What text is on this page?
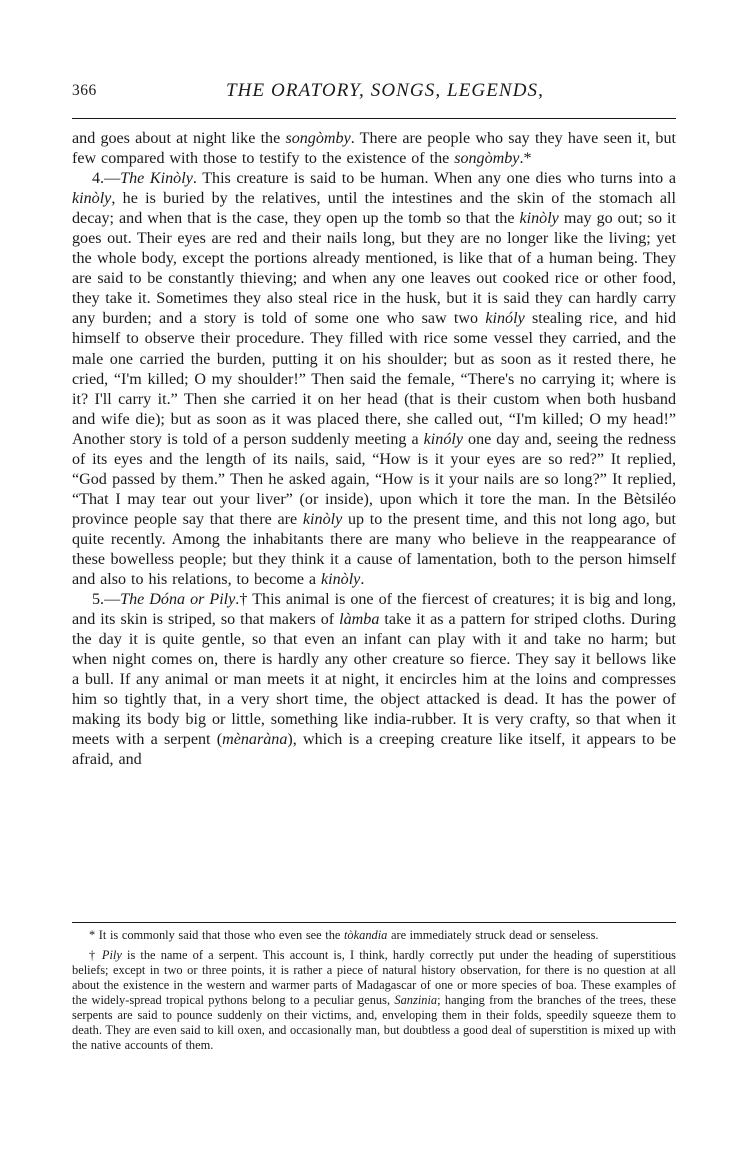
366	THE ORATORY, SONGS, LEGENDS,

and goes about at night like the songòmby. There are people who say they have seen it, but few compared with those to testify to the existence of the songòmby.*

4.—The Kinòly. This creature is said to be human. When any one dies who turns into a kinòly, he is buried by the relatives, until the intestines and the skin of the stomach all decay; and when that is the case, they open up the tomb so that the kinòly may go out; so it goes out. Their eyes are red and their nails long, but they are no longer like the living; yet the whole body, except the portions already mentioned, is like that of a human being. They are said to be constantly thieving; and when any one leaves out cooked rice or other food, they take it. Sometimes they also steal rice in the husk, but it is said they can hardly carry any burden; and a story is told of some one who saw two kinóly stealing rice, and hid himself to observe their procedure. They filled with rice some vessel they carried, and the male one carried the burden, putting it on his shoulder; but as soon as it rested there, he cried, “I'm killed; O my shoulder!” Then said the female, “There's no carrying it; where is it? I'll carry it.” Then she carried it on her head (that is their custom when both husband and wife die); but as soon as it was placed there, she called out, “I'm killed; O my head!” Another story is told of a person suddenly meeting a kinóly one day and, seeing the redness of its eyes and the length of its nails, said, “How is it your eyes are so red?” It replied, “God passed by them.” Then he asked again, “How is it your nails are so long?” It replied, “That I may tear out your liver” (or inside), upon which it tore the man. In the Bètsiléo province people say that there are kinòly up to the present time, and this not long ago, but quite recently. Among the inhabitants there are many who believe in the reappearance of these bowelless people; but they think it a cause of lamentation, both to the person himself and also to his relations, to become a kinòly.

5.—The Dóna or Pily.† This animal is one of the fiercest of creatures; it is big and long, and its skin is striped, so that makers of làmba take it as a pattern for striped cloths. During the day it is quite gentle, so that even an infant can play with it and take no harm; but when night comes on, there is hardly any other creature so fierce. They say it bellows like a bull. If any animal or man meets it at night, it encircles him at the loins and compresses him so tightly that, in a very short time, the object attacked is dead. It has the power of making its body big or little, something like india-rubber. It is very crafty, so that when it meets with a serpent (mènaràna), which is a creeping creature like itself, it appears to be afraid, and

* It is commonly said that those who even see the tòkandia are immediately struck dead or senseless.

† Pily is the name of a serpent. This account is, I think, hardly correctly put under the heading of superstitious beliefs; except in two or three points, it is rather a piece of natural history observation, for there is no question at all about the existence in the western and warmer parts of Madagascar of one or more species of boa. These examples of the widely-spread tropical pythons belong to a peculiar genus, Sanzinia; hanging from the branches of the trees, these serpents are said to pounce suddenly on their victims, and, enveloping them in their folds, speedily squeeze them to death. They are even said to kill oxen, and occasionally man, but doubtless a good deal of superstition is mixed up with the native accounts of them.
